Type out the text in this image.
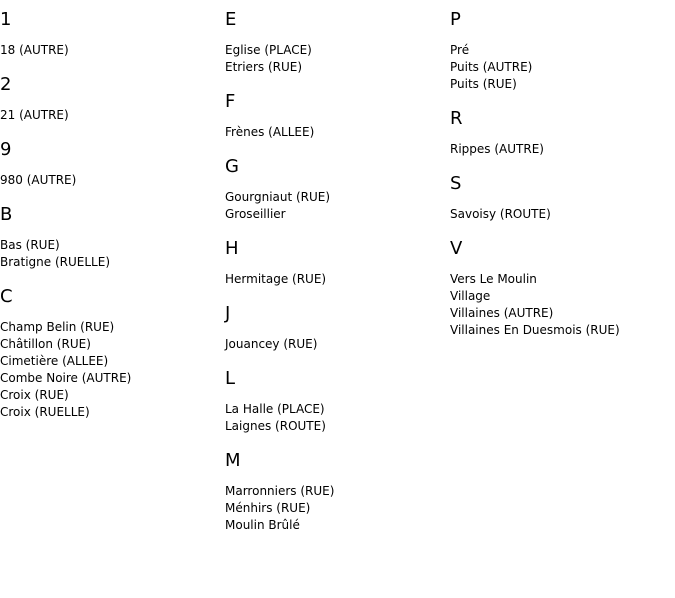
1
18 (AUTRE)
2
21 (AUTRE)
9
980 (AUTRE)
B
Bas (RUE)
Bratigne (RUELLE)
C
Champ Belin (RUE)
Châtillon (RUE)
Cimetière (ALLEE)
Combe Noire (AUTRE)
Croix (RUE)
Croix (RUELLE)
E
Eglise (PLACE)
Etriers (RUE)
F
Frènes (ALLEE)
G
Gourgniaut (RUE)
Groseillier
H
Hermitage (RUE)
J
Jouancey (RUE)
L
La Halle (PLACE)
Laignes (ROUTE)
M
Marronniers (RUE)
Ménhirs (RUE)
Moulin Brûlé
P
Pré
Puits (AUTRE)
Puits (RUE)
R
Rippes (AUTRE)
S
Savoisy (ROUTE)
V
Vers Le Moulin
Village
Villaines (AUTRE)
Villaines En Duesmois (RUE)
